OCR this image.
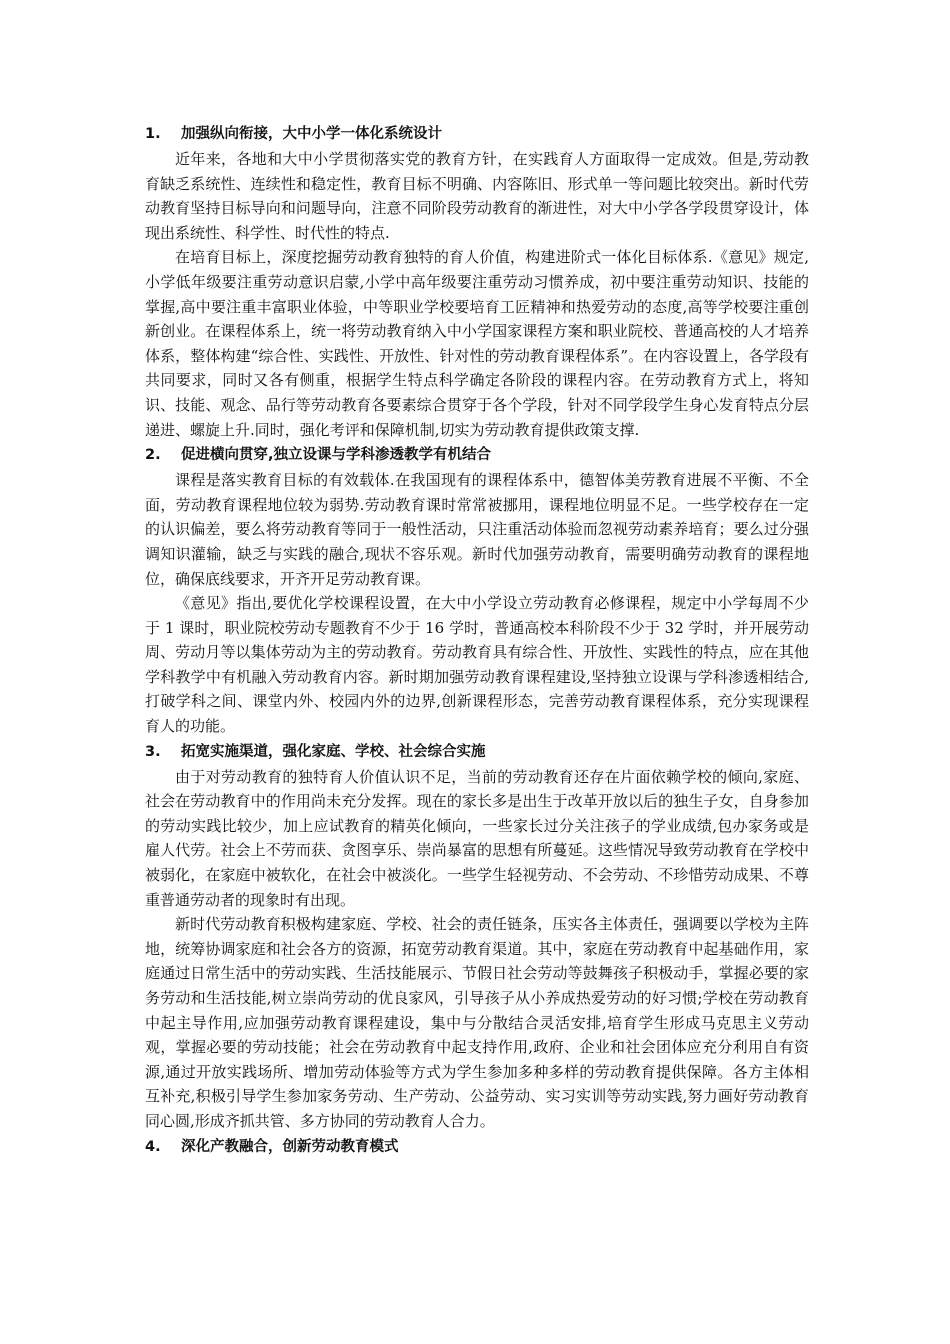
1.	加强纵向衔接，大中小学一体化系统设计

近年来，各地和大中小学贯彻落实党的教育方针，在实践育人方面取得一定成效。但是,劳动教育缺乏系统性、连续性和稳定性，教育目标不明确、内容陈旧、形式单一等问题比较突出。新时代劳动教育坚持目标导向和问题导向，注意不同阶段劳动教育的渐进性，对大中小学各学段贯穿设计，体现出系统性、科学性、时代性的特点.

在培育目标上，深度挖掘劳动教育独特的育人价值，构建进阶式一体化目标体系.《意见》规定,小学低年级要注重劳动意识启蒙,小学中高年级要注重劳动习惯养成，初中要注重劳动知识、技能的掌握,高中要注重丰富职业体验，中等职业学校要培育工匠精神和热爱劳动的态度,高等学校要注重创新创业。在课程体系上，统一将劳动教育纳入中小学国家课程方案和职业院校、普通高校的人才培养体系，整体构建“综合性、实践性、开放性、针对性的劳动教育课程体系”。在内容设置上，各学段有共同要求，同时又各有侧重，根据学生特点科学确定各阶段的课程内容。在劳动教育方式上，将知识、技能、观念、品行等劳动教育各要素综合贯穿于各个学段，针对不同学段学生身心发育特点分层递进、螺旋上升.同时，强化考评和保障机制,切实为劳动教育提供政策支撑.

2.	促进横向贯穿,独立设课与学科渗透教学有机结合

课程是落实教育目标的有效载体.在我国现有的课程体系中，德智体美劳教育进展不平衡、不全面，劳动教育课程地位较为弱势.劳动教育课时常常被挪用，课程地位明显不足。一些学校存在一定的认识偏差，要么将劳动教育等同于一般性活动，只注重活动体验而忽视劳动素养培育；要么过分强调知识灌输，缺乏与实践的融合,现状不容乐观。新时代加强劳动教育，需要明确劳动教育的课程地位，确保底线要求，开齐开足劳动教育课。

《意见》指出,要优化学校课程设置，在大中小学设立劳动教育必修课程，规定中小学每周不少于 1 课时，职业院校劳动专题教育不少于 16 学时，普通高校本科阶段不少于 32 学时，并开展劳动周、劳动月等以集体劳动为主的劳动教育。劳动教育具有综合性、开放性、实践性的特点，应在其他学科教学中有机融入劳动教育内容。新时期加强劳动教育课程建设,坚持独立设课与学科渗透相结合,打破学科之间、课堂内外、校园内外的边界,创新课程形态，完善劳动教育课程体系，充分实现课程育人的功能。

3.	拓宽实施渠道，强化家庭、学校、社会综合实施

由于对劳动教育的独特育人价值认识不足，当前的劳动教育还存在片面依赖学校的倾向,家庭、社会在劳动教育中的作用尚未充分发挥。现在的家长多是出生于改革开放以后的独生子女，自身参加的劳动实践比较少，加上应试教育的精英化倾向，一些家长过分关注孩子的学业成绩,包办家务或是雇人代劳。社会上不劳而获、贪图享乐、崇尚暴富的思想有所蔓延。这些情况导致劳动教育在学校中被弱化，在家庭中被软化，在社会中被淡化。一些学生轻视劳动、不会劳动、不珍惜劳动成果、不尊重普通劳动者的现象时有出现。

新时代劳动教育积极构建家庭、学校、社会的责任链条，压实各主体责任，强调要以学校为主阵地，统筹协调家庭和社会各方的资源，拓宽劳动教育渠道。其中，家庭在劳动教育中起基础作用，家庭通过日常生活中的劳动实践、生活技能展示、节假日社会劳动等鼓舞孩子积极动手，掌握必要的家务劳动和生活技能,树立崇尚劳动的优良家风，引导孩子从小养成热爱劳动的好习惯;学校在劳动教育中起主导作用,应加强劳动教育课程建设，集中与分散结合灵活安排,培育学生形成马克思主义劳动观，掌握必要的劳动技能；社会在劳动教育中起支持作用,政府、企业和社会团体应充分利用自有资源,通过开放实践场所、增加劳动体验等方式为学生参加多种多样的劳动教育提供保障。各方主体相互补充,积极引导学生参加家务劳动、生产劳动、公益劳动、实习实训等劳动实践,努力画好劳动教育同心圆,形成齐抓共管、多方协同的劳动教育人合力。

4.	深化产教融合，创新劳动教育模式
